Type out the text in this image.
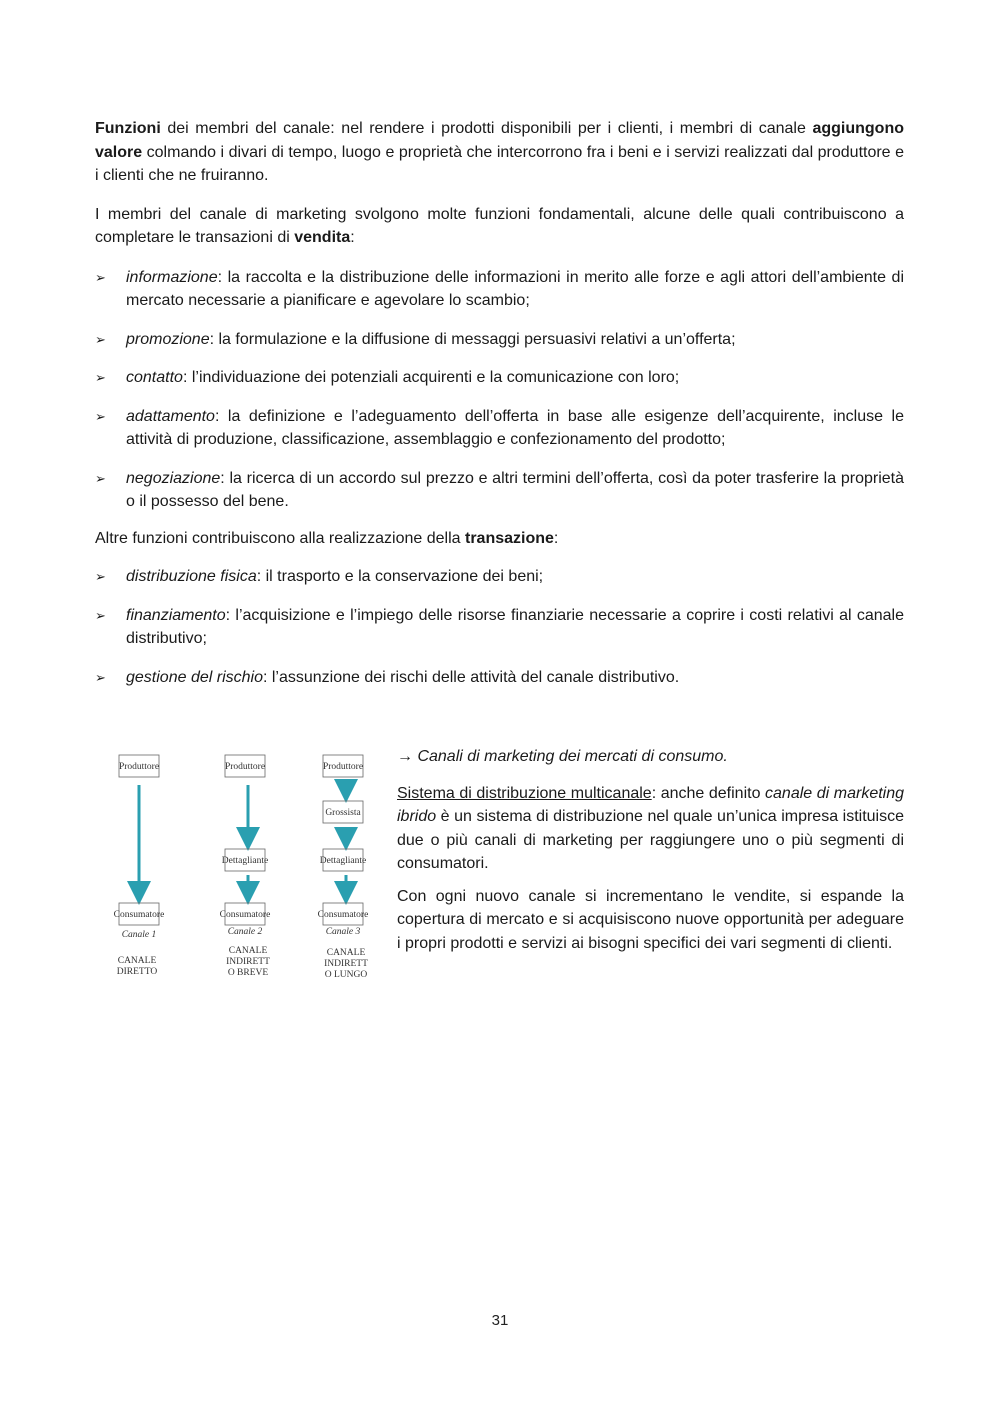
Funzioni dei membri del canale: nel rendere i prodotti disponibili per i clienti, i membri di canale aggiungono valore colmando i divari di tempo, luogo e proprietà che intercorrono fra i beni e i servizi realizzati dal produttore e i clienti che ne fruiranno.

I membri del canale di marketing svolgono molte funzioni fondamentali, alcune delle quali contribuiscono a completare le transazioni di vendita:

➢ informazione: la raccolta e la distribuzione delle informazioni in merito alle forze e agli attori dell’ambiente di mercato necessarie a pianificare e agevolare lo scambio;
➢ promozione: la formulazione e la diffusione di messaggi persuasivi relativi a un’offerta;
➢ contatto: l’individuazione dei potenziali acquirenti e la comunicazione con loro;
➢ adattamento: la definizione e l’adeguamento dell’offerta in base alle esigenze dell’acquirente, incluse le attività di produzione, classificazione, assemblaggio e confezionamento del prodotto;
➢ negoziazione: la ricerca di un accordo sul prezzo e altri termini dell’offerta, così da poter trasferire la proprietà o il possesso del bene.

Altre funzioni contribuiscono alla realizzazione della transazione:

➢ distribuzione fisica: il trasporto e la conservazione dei beni;
➢ finanziamento: l’acquisizione e l’impiego delle risorse finanziarie necessarie a coprire i costi relativi al canale distributivo;
➢ gestione del rischio: l’assunzione dei rischi delle attività del canale distributivo.
Produttore
Consumatore
Canale 1
CANALE
DIRETTO
Produttore
Dettagliante
Consumatore
Canale 2
CANALE
INDIRETT
O BREVE
Produttore
Grossista
Dettagliante
Consumatore
Canale 3
CANALE
INDIRETT
O LUNGO

→ Canali di marketing dei mercati di consumo.

Sistema di distribuzione multicanale: anche definito canale di marketing ibrido è un sistema di distribuzione nel quale un’unica impresa istituisce due o più canali di marketing per raggiungere uno o più segmenti di consumatori.

Con ogni nuovo canale si incrementano le vendite, si espande la copertura di mercato e si acquisiscono nuove opportunità per adeguare i propri prodotti e servizi ai bisogni specifici dei vari segmenti di clienti.

31
